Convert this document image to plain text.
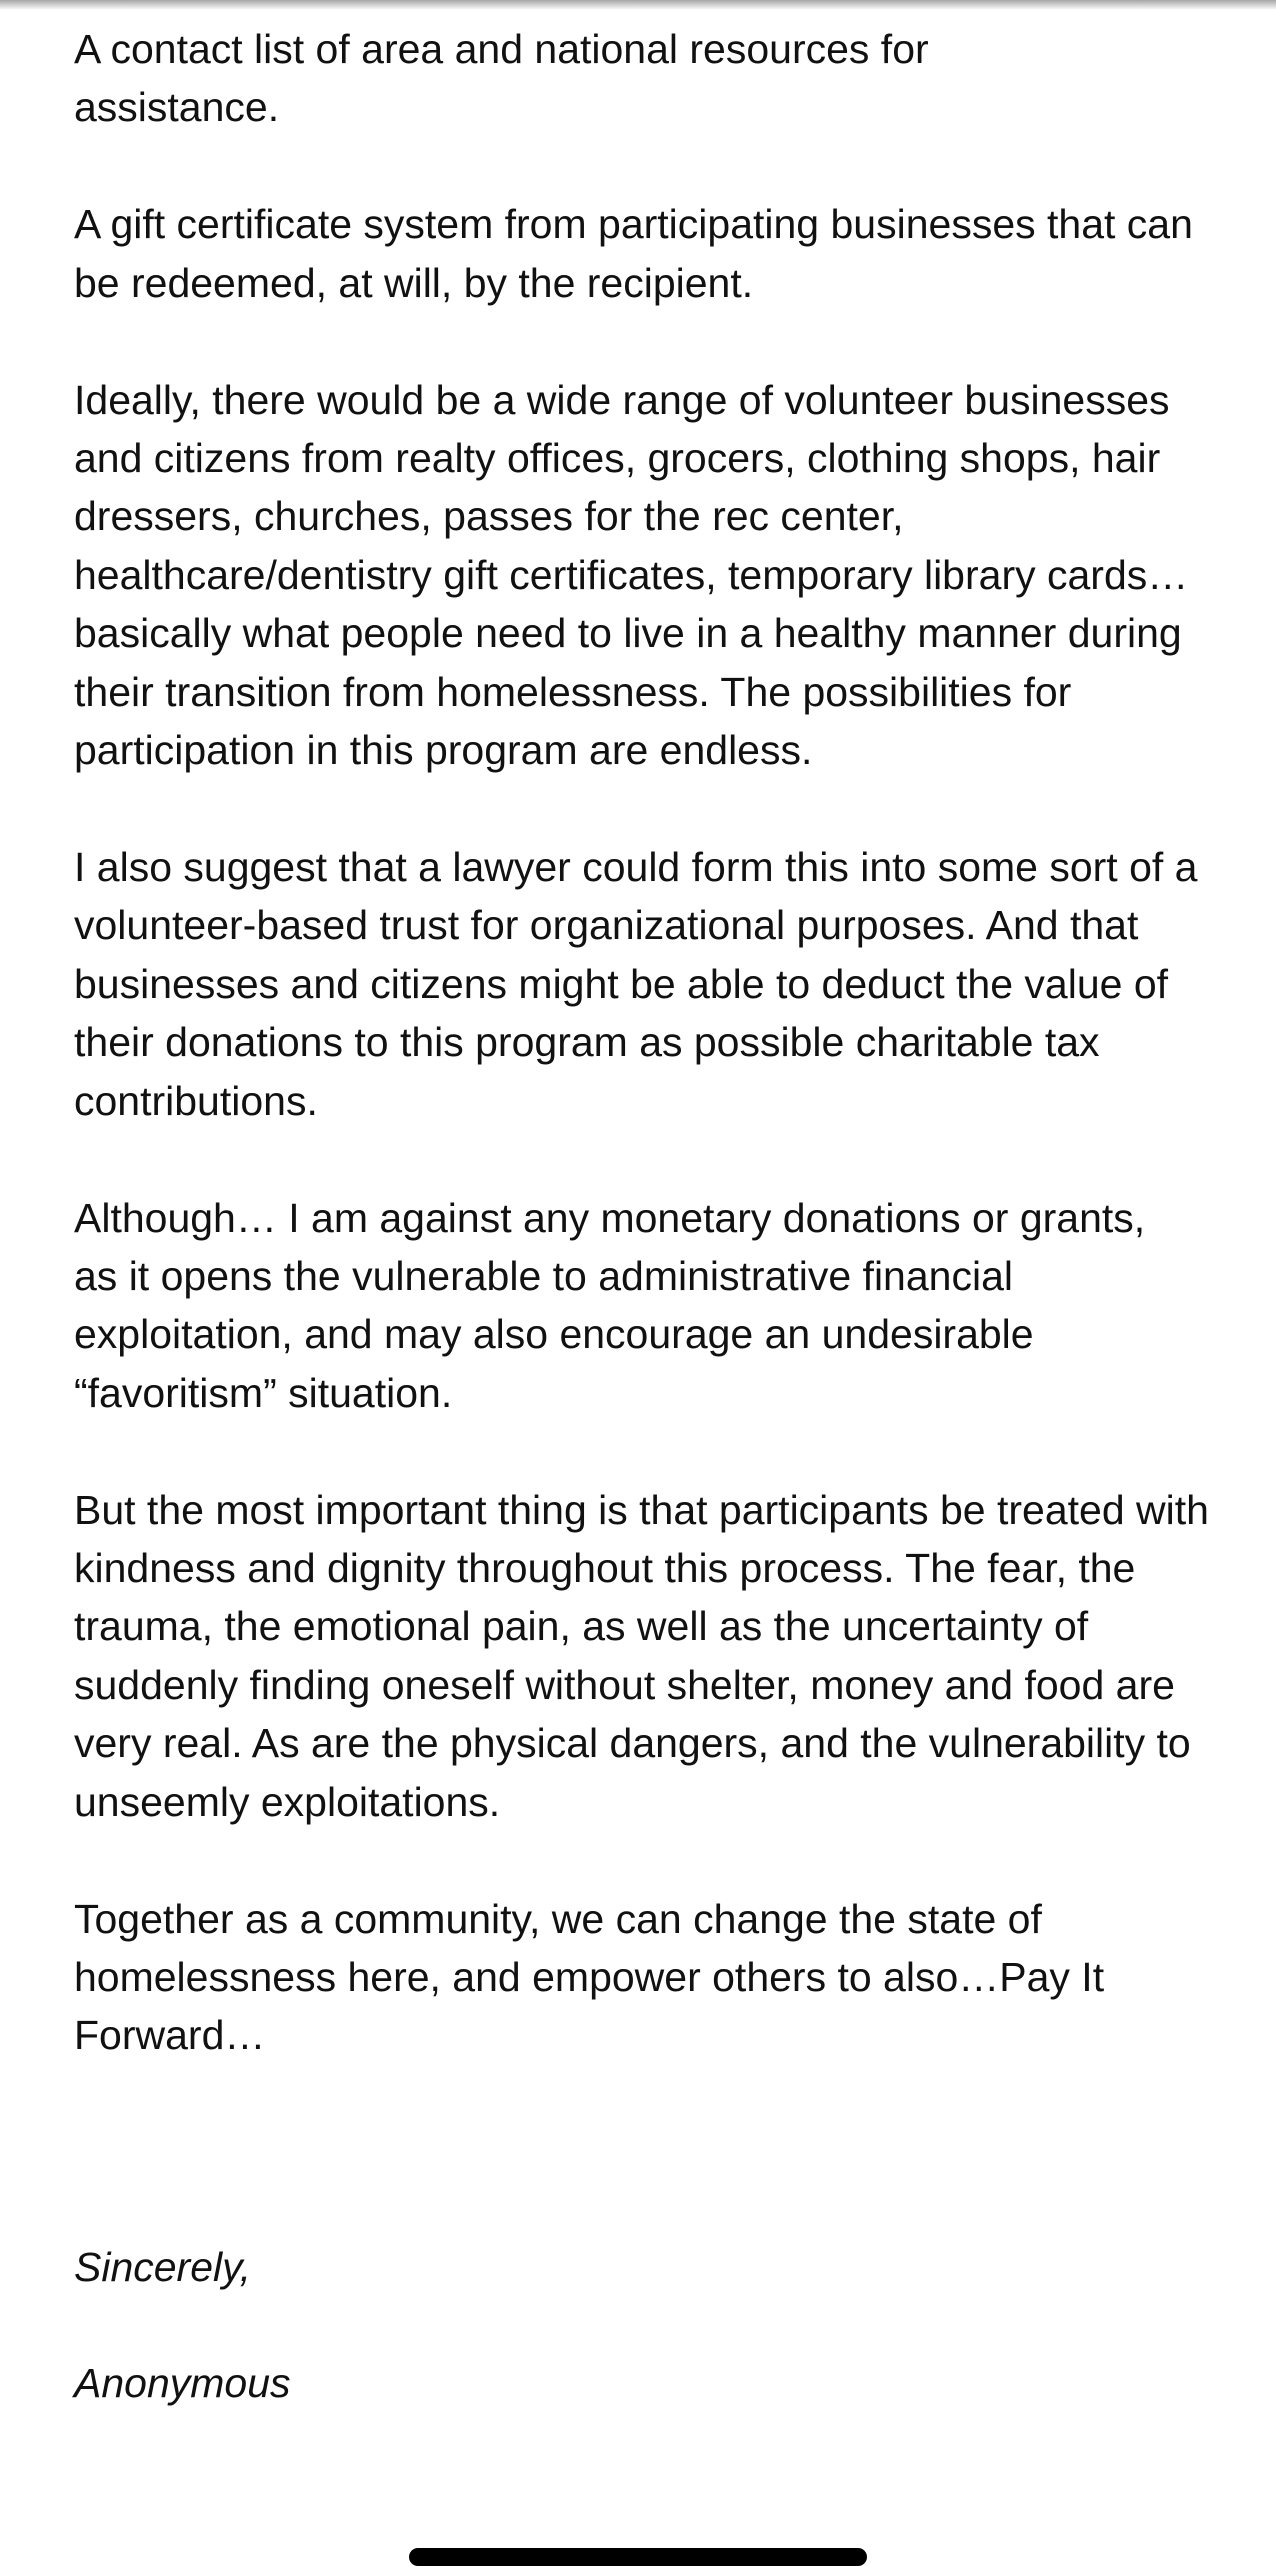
A contact list of area and national resources for assistance.

A gift certificate system from participating businesses that can be redeemed, at will, by the recipient.

Ideally, there would be a wide range of volunteer businesses and citizens from realty offices, grocers, clothing shops, hair dressers, churches, passes for the rec center, healthcare/dentistry gift certificates, temporary library cards…basically what people need to live in a healthy manner during their transition from homelessness. The possibilities for participation in this program are endless.

I also suggest that a lawyer could form this into some sort of a volunteer-based trust for organizational purposes. And that businesses and citizens might be able to deduct the value of their donations to this program as possible charitable tax contributions.

Although… I am against any monetary donations or grants, as it opens the vulnerable to administrative financial exploitation, and may also encourage an undesirable “favoritism” situation.

But the most important thing is that participants be treated with kindness and dignity throughout this process. The fear, the trauma, the emotional pain, as well as the uncertainty of suddenly finding oneself without shelter, money and food are very real. As are the physical dangers, and the vulnerability to unseemly exploitations.

Together as a community, we can change the state of homelessness here, and empower others to also…Pay It Forward…

Sincerely,

Anonymous
